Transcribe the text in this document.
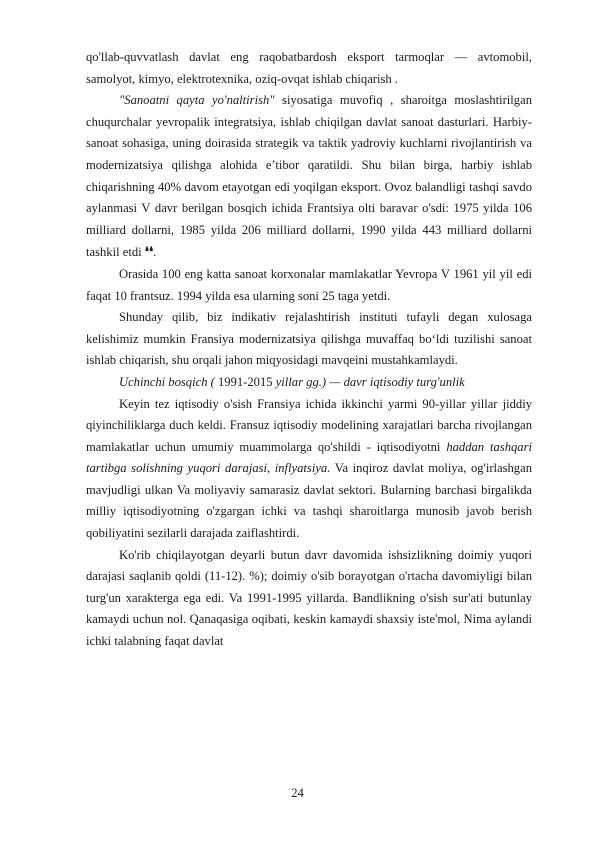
qo'llab-quvvatlash davlat eng raqobatbardosh eksport tarmoqlar — avtomobil, samolyot, kimyo, elektrotexnika, oziq-ovqat ishlab chiqarish .

"Sanoatni qayta yo'naltirish" siyosatiga muvofiq , sharoitga moslashtirilgan chuqurchalar yevropalik integratsiya, ishlab chiqilgan davlat sanoat dasturlari. Harbiy-sanoat sohasiga, uning doirasida strategik va taktik yadroviy kuchlarni rivojlantirish va modernizatsiya qilishga alohida e’tibor qaratildi. Shu bilan birga, harbiy ishlab chiqarishning 40% davom etayotgan edi yoqilgan eksport. Ovoz balandligi tashqi savdo aylanmasi V davr berilgan bosqich ichida Frantsiya olti baravar o'sdi: 1975 yilda 106 milliard dollarni, 1985 yilda 206 milliard dollarni, 1990 yilda 443 milliard dollarni tashkil etdi ❛❛.

Orasida 100 eng katta sanoat korxonalar mamlakatlar Yevropa V 1961 yil yil edi faqat 10 frantsuz. 1994 yilda esa ularning soni 25 taga yetdi.

Shunday qilib, biz indikativ rejalashtirish instituti tufayli degan xulosaga kelishimiz mumkin Fransiya modernizatsiya qilishga muvaffaq bo‘ldi tuzilishi sanoat ishlab chiqarish, shu orqali jahon miqyosidagi mavqeini mustahkamlaydi.

Uchinchi bosqich ( 1991-2015 yillar gg.) — davr iqtisodiy turg'unlik

Keyin tez iqtisodiy o'sish Fransiya ichida ikkinchi yarmi 90-yillar yillar jiddiy qiyinchiliklarga duch keldi. Fransuz iqtisodiy modelining xarajatlari barcha rivojlangan mamlakatlar uchun umumiy muammolarga qo'shildi - iqtisodiyotni haddan tashqari tartibga solishning yuqori darajasi, inflyatsiya. Va inqiroz davlat moliya, og'irlashgan mavjudligi ulkan Va moliyaviy samarasiz davlat sektori. Bularning barchasi birgalikda milliy iqtisodiyotning o'zgargan ichki va tashqi sharoitlarga munosib javob berish qobiliyatini sezilarli darajada zaiflashtirdi.

Ko'rib chiqilayotgan deyarli butun davr davomida ishsizlikning doimiy yuqori darajasi saqlanib qoldi (11-12). %); doimiy o'sib borayotgan o'rtacha davomiyligi bilan turg'un xarakterga ega edi. Va 1991-1995 yillarda. Bandlikning o'sish sur'ati butunlay kamaydi uchun nol. Qanaqasiga oqibati, keskin kamaydi shaxsiy iste'mol, Nima aylandi ichki talabning faqat davlat

24
